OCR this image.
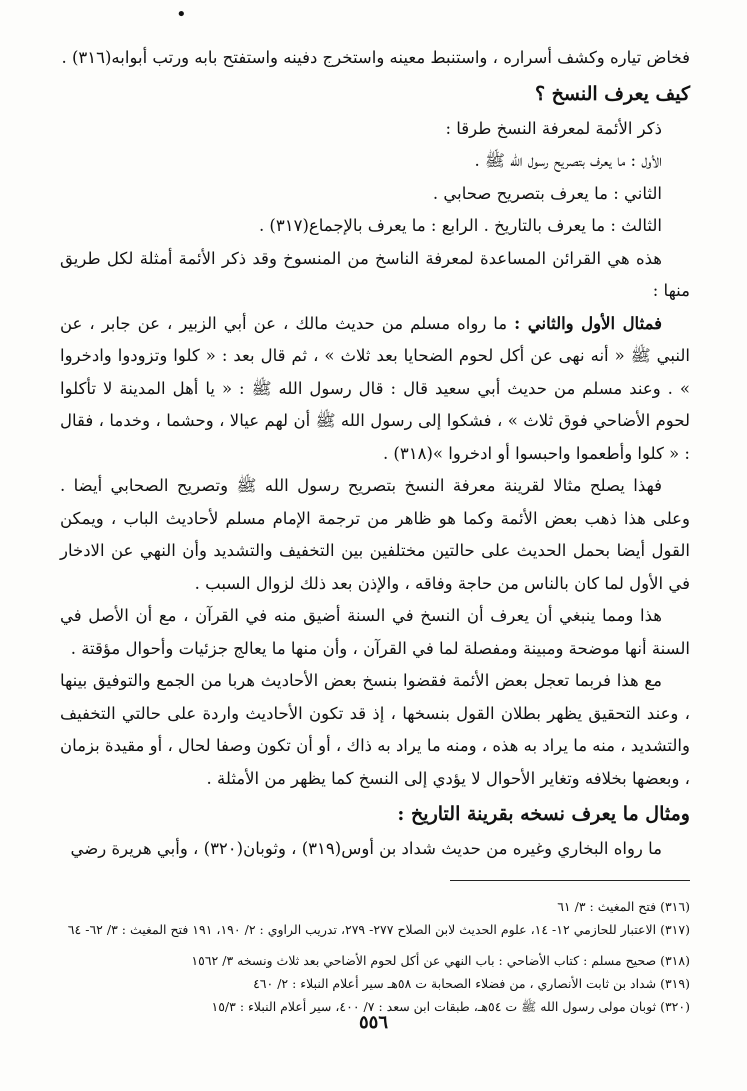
•

فخاض تياره وكشف أسراره ، واستنبط معينه واستخرج دفينه واستفتح بابه ورتب أبوابه(٣١٦) .

كيف يعرف النسخ ؟

ذكر الأئمة لمعرفة النسخ طرقا :

الأول : ما يعرف بتصريح رسول الله ﷺ .

الثاني : ما يعرف بتصريح صحابي .

الثالث : ما يعرف بالتاريخ . الرابع : ما يعرف بالإجماع(٣١٧) .

هذه هي القرائن المساعدة لمعرفة الناسخ من المنسوخ وقد ذكر الأئمة أمثلة لكل طريق منها :

فمثال الأول والثاني : ما رواه مسلم من حديث مالك ، عن أبي الزبير ، عن جابر ، عن النبي ﷺ « أنه نهى عن أكل لحوم الضحايا بعد ثلاث » ، ثم قال بعد : « كلوا وتزودوا وادخروا » . وعند مسلم من حديث أبي سعيد قال : قال رسول الله ﷺ : « يا أهل المدينة لا تأكلوا لحوم الأضاحي فوق ثلاث » ، فشكوا إلى رسول الله ﷺ أن لهم عيالا ، وحشما ، وخدما ، فقال : « كلوا وأطعموا واحبسوا أو ادخروا »(٣١٨) .

فهذا يصلح مثالا لقرينة معرفة النسخ بتصريح رسول الله ﷺ وتصريح الصحابي أيضا . وعلى هذا ذهب بعض الأئمة وكما هو ظاهر من ترجمة الإمام مسلم لأحاديث الباب ، ويمكن القول أيضا بحمل الحديث على حالتين مختلفين بين التخفيف والتشديد وأن النهي عن الادخار في الأول لما كان بالناس من حاجة وفاقه ، والإذن بعد ذلك لزوال السبب .

هذا ومما ينبغي أن يعرف أن النسخ في السنة أضيق منه في القرآن ، مع أن الأصل في السنة أنها موضحة ومبينة ومفصلة لما في القرآن ، وأن منها ما يعالج جزئيات وأحوال مؤقتة .

مع هذا فربما تعجل بعض الأئمة فقضوا بنسخ بعض الأحاديث هربا من الجمع والتوفيق بينها ، وعند التحقيق يظهر بطلان القول بنسخها ، إذ قد تكون الأحاديث واردة على حالتي التخفيف والتشديد ، منه ما يراد به هذه ، ومنه ما يراد به ذاك ، أو أن تكون وصفا لحال ، أو مقيدة بزمان ، وبعضها بخلافه وتغاير الأحوال لا يؤدي إلى النسخ كما يظهر من الأمثلة .

ومثال ما يعرف نسخه بقرينة التاريخ :

ما رواه البخاري وغيره من حديث شداد بن أوس(٣١٩) ، وثوبان(٣٢٠) ، وأبي هريرة رضي

(٣١٦) فتح المغيث : ٣/ ٦١

(٣١٧) الاعتبار للحازمي ١٢- ١٤، علوم الحديث لابن الصلاح ٢٧٧- ٢٧٩، تدريب الراوي : ٢/ ١٩٠، ١٩١ فتح المغيث : ٣/ ٦٢- ٦٤

(٣١٨) صحيح مسلم : كتاب الأضاحي : باب النهي عن أكل لحوم الأضاحي بعد ثلاث ونسخه ٣/ ١٥٦٢

(٣١٩) شداد بن ثابت الأنصاري ، من فضلاء الصحابة ت ٥٨هـ سير أعلام النبلاء : ٢/ ٤٦٠

(٣٢٠) ثوبان مولى رسول الله ﷺ ت ٥٤هـ، طبقات ابن سعد : ٧/ ٤٠٠، سير أعلام النبلاء : ١٥/٣

٥٥٦
